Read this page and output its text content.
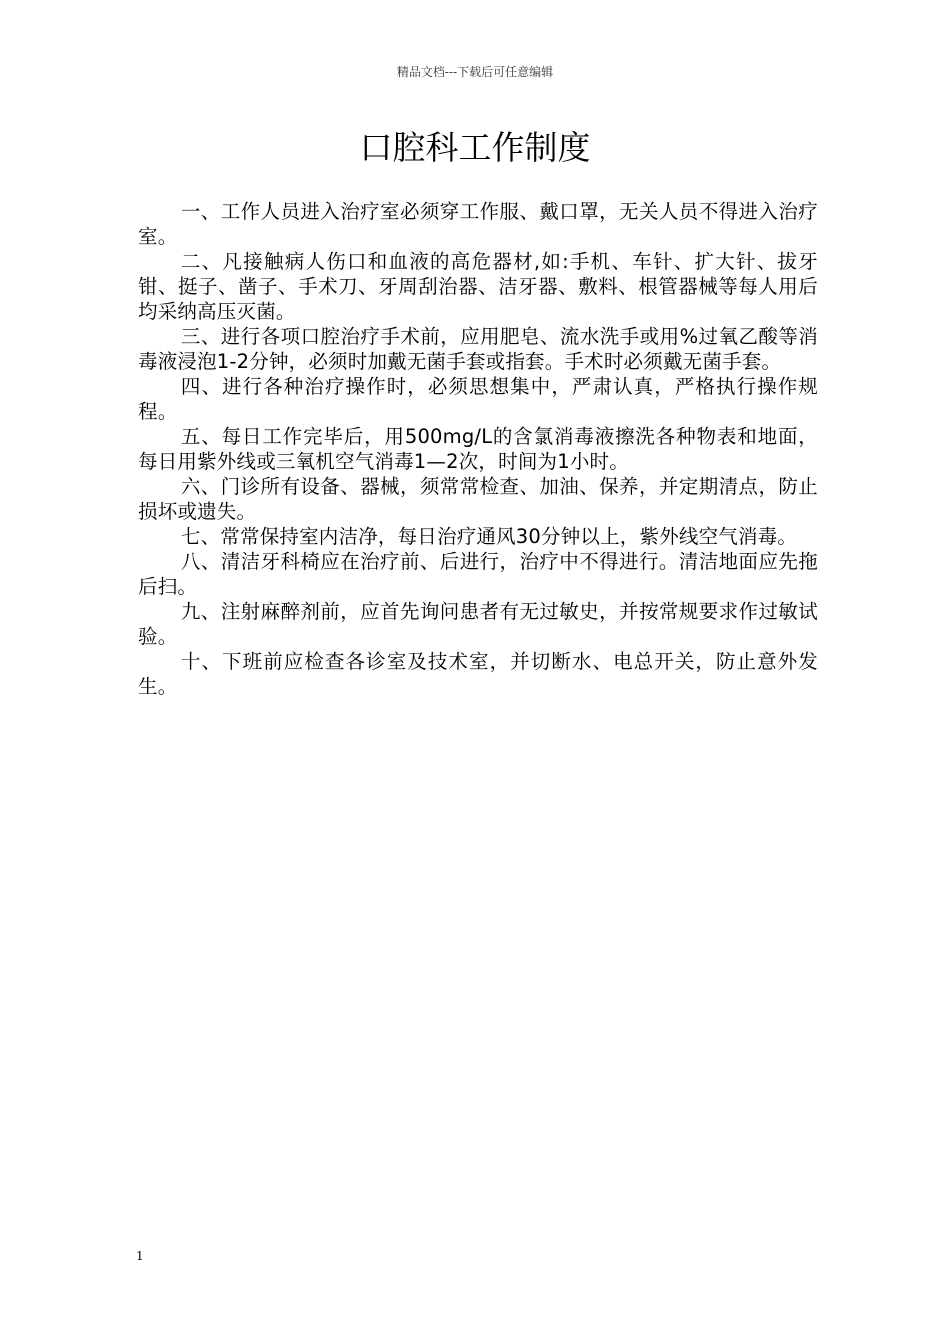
精品文档---下载后可任意编辑
口腔科工作制度

一、工作人员进入治疗室必须穿工作服、戴口罩，无关人员不得进入治疗室。

二、凡接触病人伤口和血液的高危器材,如:手机、车针、扩大针、拔牙钳、挺子、凿子、手术刀、牙周刮治器、洁牙器、敷料、根管器械等每人用后均采纳高压灭菌。

三、进行各项口腔治疗手术前，应用肥皂、流水洗手或用%过氧乙酸等消毒液浸泡1-2分钟，必须时加戴无菌手套或指套。手术时必须戴无菌手套。

四、进行各种治疗操作时，必须思想集中，严肃认真，严格执行操作规程。

五、每日工作完毕后，用500mg/L的含氯消毒液擦洗各种物表和地面，每日用紫外线或三氧机空气消毒1—2次，时间为1小时。

六、门诊所有设备、器械，须常常检查、加油、保养，并定期清点，防止损坏或遗失。

七、常常保持室内洁净，每日治疗通风30分钟以上，紫外线空气消毒。

八、清洁牙科椅应在治疗前、后进行，治疗中不得进行。清洁地面应先拖后扫。

九、注射麻醉剂前，应首先询问患者有无过敏史，并按常规要求作过敏试验。

十、下班前应检查各诊室及技术室，并切断水、电总开关，防止意外发生。

1
